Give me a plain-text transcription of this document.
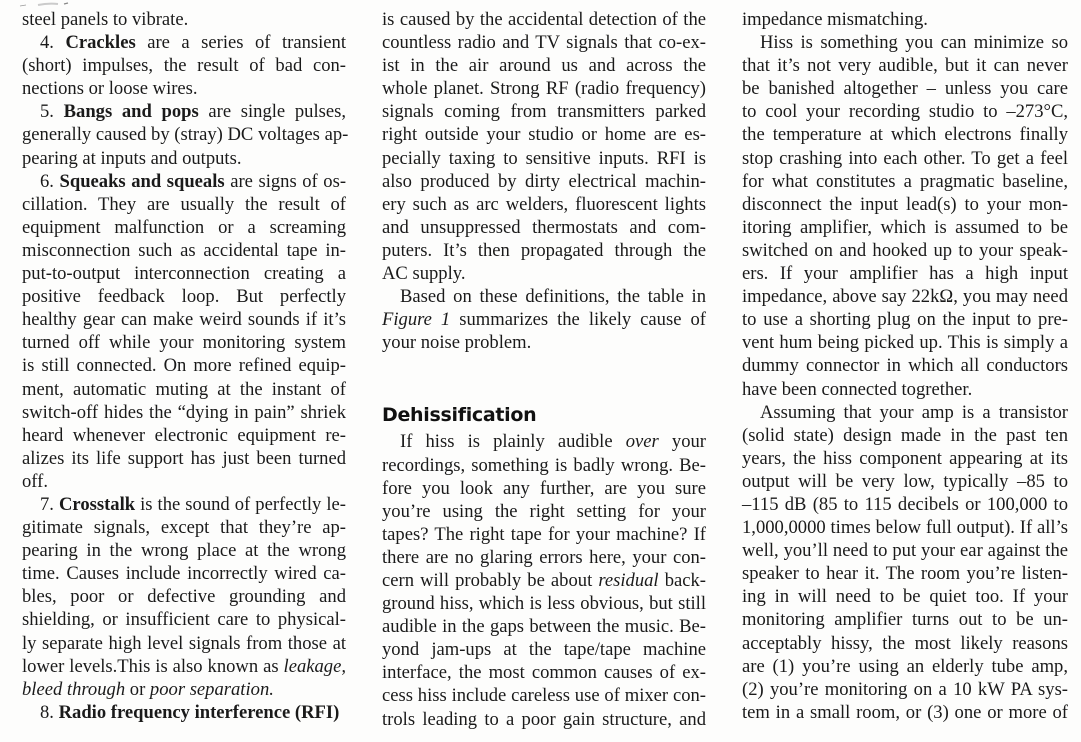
steel panels to vibrate.
4. Crackles are a series of transient
(short) impulses, the result of bad con-
nections or loose wires.
5. Bangs and pops are single pulses,
generally caused by (stray) DC voltages ap-
pearing at inputs and outputs.
6. Squeaks and squeals are signs of os-
cillation. They are usually the result of
equipment malfunction or a screaming
misconnection such as accidental tape in-
put-to-output interconnection creating a
positive feedback loop. But perfectly
healthy gear can make weird sounds if it’s
turned off while your monitoring system
is still connected. On more refined equip-
ment, automatic muting at the instant of
switch-off hides the “dying in pain” shriek
heard whenever electronic equipment re-
alizes its life support has just been turned
off.
7. Crosstalk is the sound of perfectly le-
gitimate signals, except that they’re ap-
pearing in the wrong place at the wrong
time. Causes include incorrectly wired ca-
bles, poor or defective grounding and
shielding, or insufficient care to physical-
ly separate high level signals from those at
lower levels.This is also known as leakage,
bleed through or poor separation.
8. Radio frequency interference (RFI)
is caused by the accidental detection of the
countless radio and TV signals that co-ex-
ist in the air around us and across the
whole planet. Strong RF (radio frequency)
signals coming from transmitters parked
right outside your studio or home are es-
pecially taxing to sensitive inputs. RFI is
also produced by dirty electrical machin-
ery such as arc welders, fluorescent lights
and unsuppressed thermostats and com-
puters. It’s then propagated through the
AC supply.
Based on these definitions, the table in
Figure 1 summarizes the likely cause of
your noise problem.
Dehissification
If hiss is plainly audible over your
recordings, something is badly wrong. Be-
fore you look any further, are you sure
you’re using the right setting for your
tapes? The right tape for your machine? If
there are no glaring errors here, your con-
cern will probably be about residual back-
ground hiss, which is less obvious, but still
audible in the gaps between the music. Be-
yond jam-ups at the tape/tape machine
interface, the most common causes of ex-
cess hiss include careless use of mixer con-
trols leading to a poor gain structure, and
impedance mismatching.
Hiss is something you can minimize so
that it’s not very audible, but it can never
be banished altogether – unless you care
to cool your recording studio to –273°C,
the temperature at which electrons finally
stop crashing into each other. To get a feel
for what constitutes a pragmatic baseline,
disconnect the input lead(s) to your mon-
itoring amplifier, which is assumed to be
switched on and hooked up to your speak-
ers. If your amplifier has a high input
impedance, above say 22kΩ, you may need
to use a shorting plug on the input to pre-
vent hum being picked up. This is simply a
dummy connector in which all conductors
have been connected togrether.
Assuming that your amp is a transistor
(solid state) design made in the past ten
years, the hiss component appearing at its
output will be very low, typically –85 to
–115 dB (85 to 115 decibels or 100,000 to
1,000,0000 times below full output). If all’s
well, you’ll need to put your ear against the
speaker to hear it. The room you’re listen-
ing in will need to be quiet too. If your
monitoring amplifier turns out to be un-
acceptably hissy, the most likely reasons
are (1) you’re using an elderly tube amp,
(2) you’re monitoring on a 10 kW PA sys-
tem in a small room, or (3) one or more of
